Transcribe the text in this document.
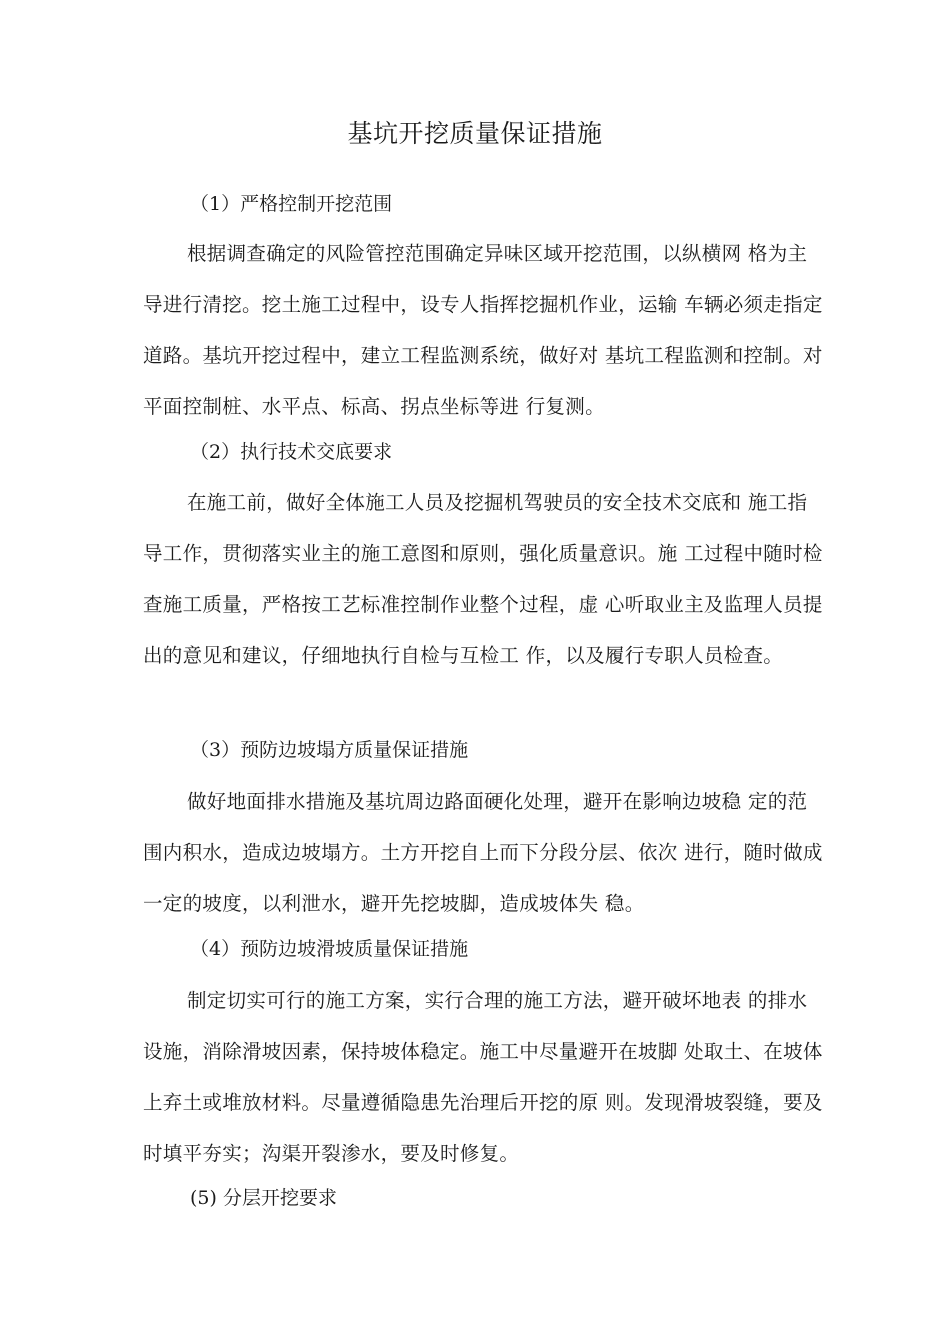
基坑开挖质量保证措施
（1）严格控制开挖范围

根据调查确定的风险管控范围确定异味区域开挖范围，以纵横网 格为主导进行清挖。挖土施工过程中，设专人指挥挖掘机作业，运输 车辆必须走指定道路。基坑开挖过程中，建立工程监测系统，做好对 基坑工程监测和控制。对平面控制桩、水平点、标高、拐点坐标等进 行复测。

（2）执行技术交底要求

在施工前，做好全体施工人员及挖掘机驾驶员的安全技术交底和 施工指导工作，贯彻落实业主的施工意图和原则，强化质量意识。施 工过程中随时检查施工质量，严格按工艺标准控制作业整个过程，虚 心听取业主及监理人员提出的意见和建议，仔细地执行自检与互检工 作，以及履行专职人员检查。

（3）预防边坡塌方质量保证措施

做好地面排水措施及基坑周边路面硬化处理，避开在影响边坡稳 定的范围内积水，造成边坡塌方。土方开挖自上而下分段分层、依次 进行，随时做成一定的坡度，以利泄水，避开先挖坡脚，造成坡体失 稳。

（4）预防边坡滑坡质量保证措施

制定切实可行的施工方案，实行合理的施工方法，避开破坏地表 的排水设施，消除滑坡因素，保持坡体稳定。施工中尽量避开在坡脚 处取土、在坡体上弃土或堆放材料。尽量遵循隐患先治理后开挖的原 则。发现滑坡裂缝，要及时填平夯实；沟渠开裂渗水，要及时修复。

(5) 分层开挖要求
